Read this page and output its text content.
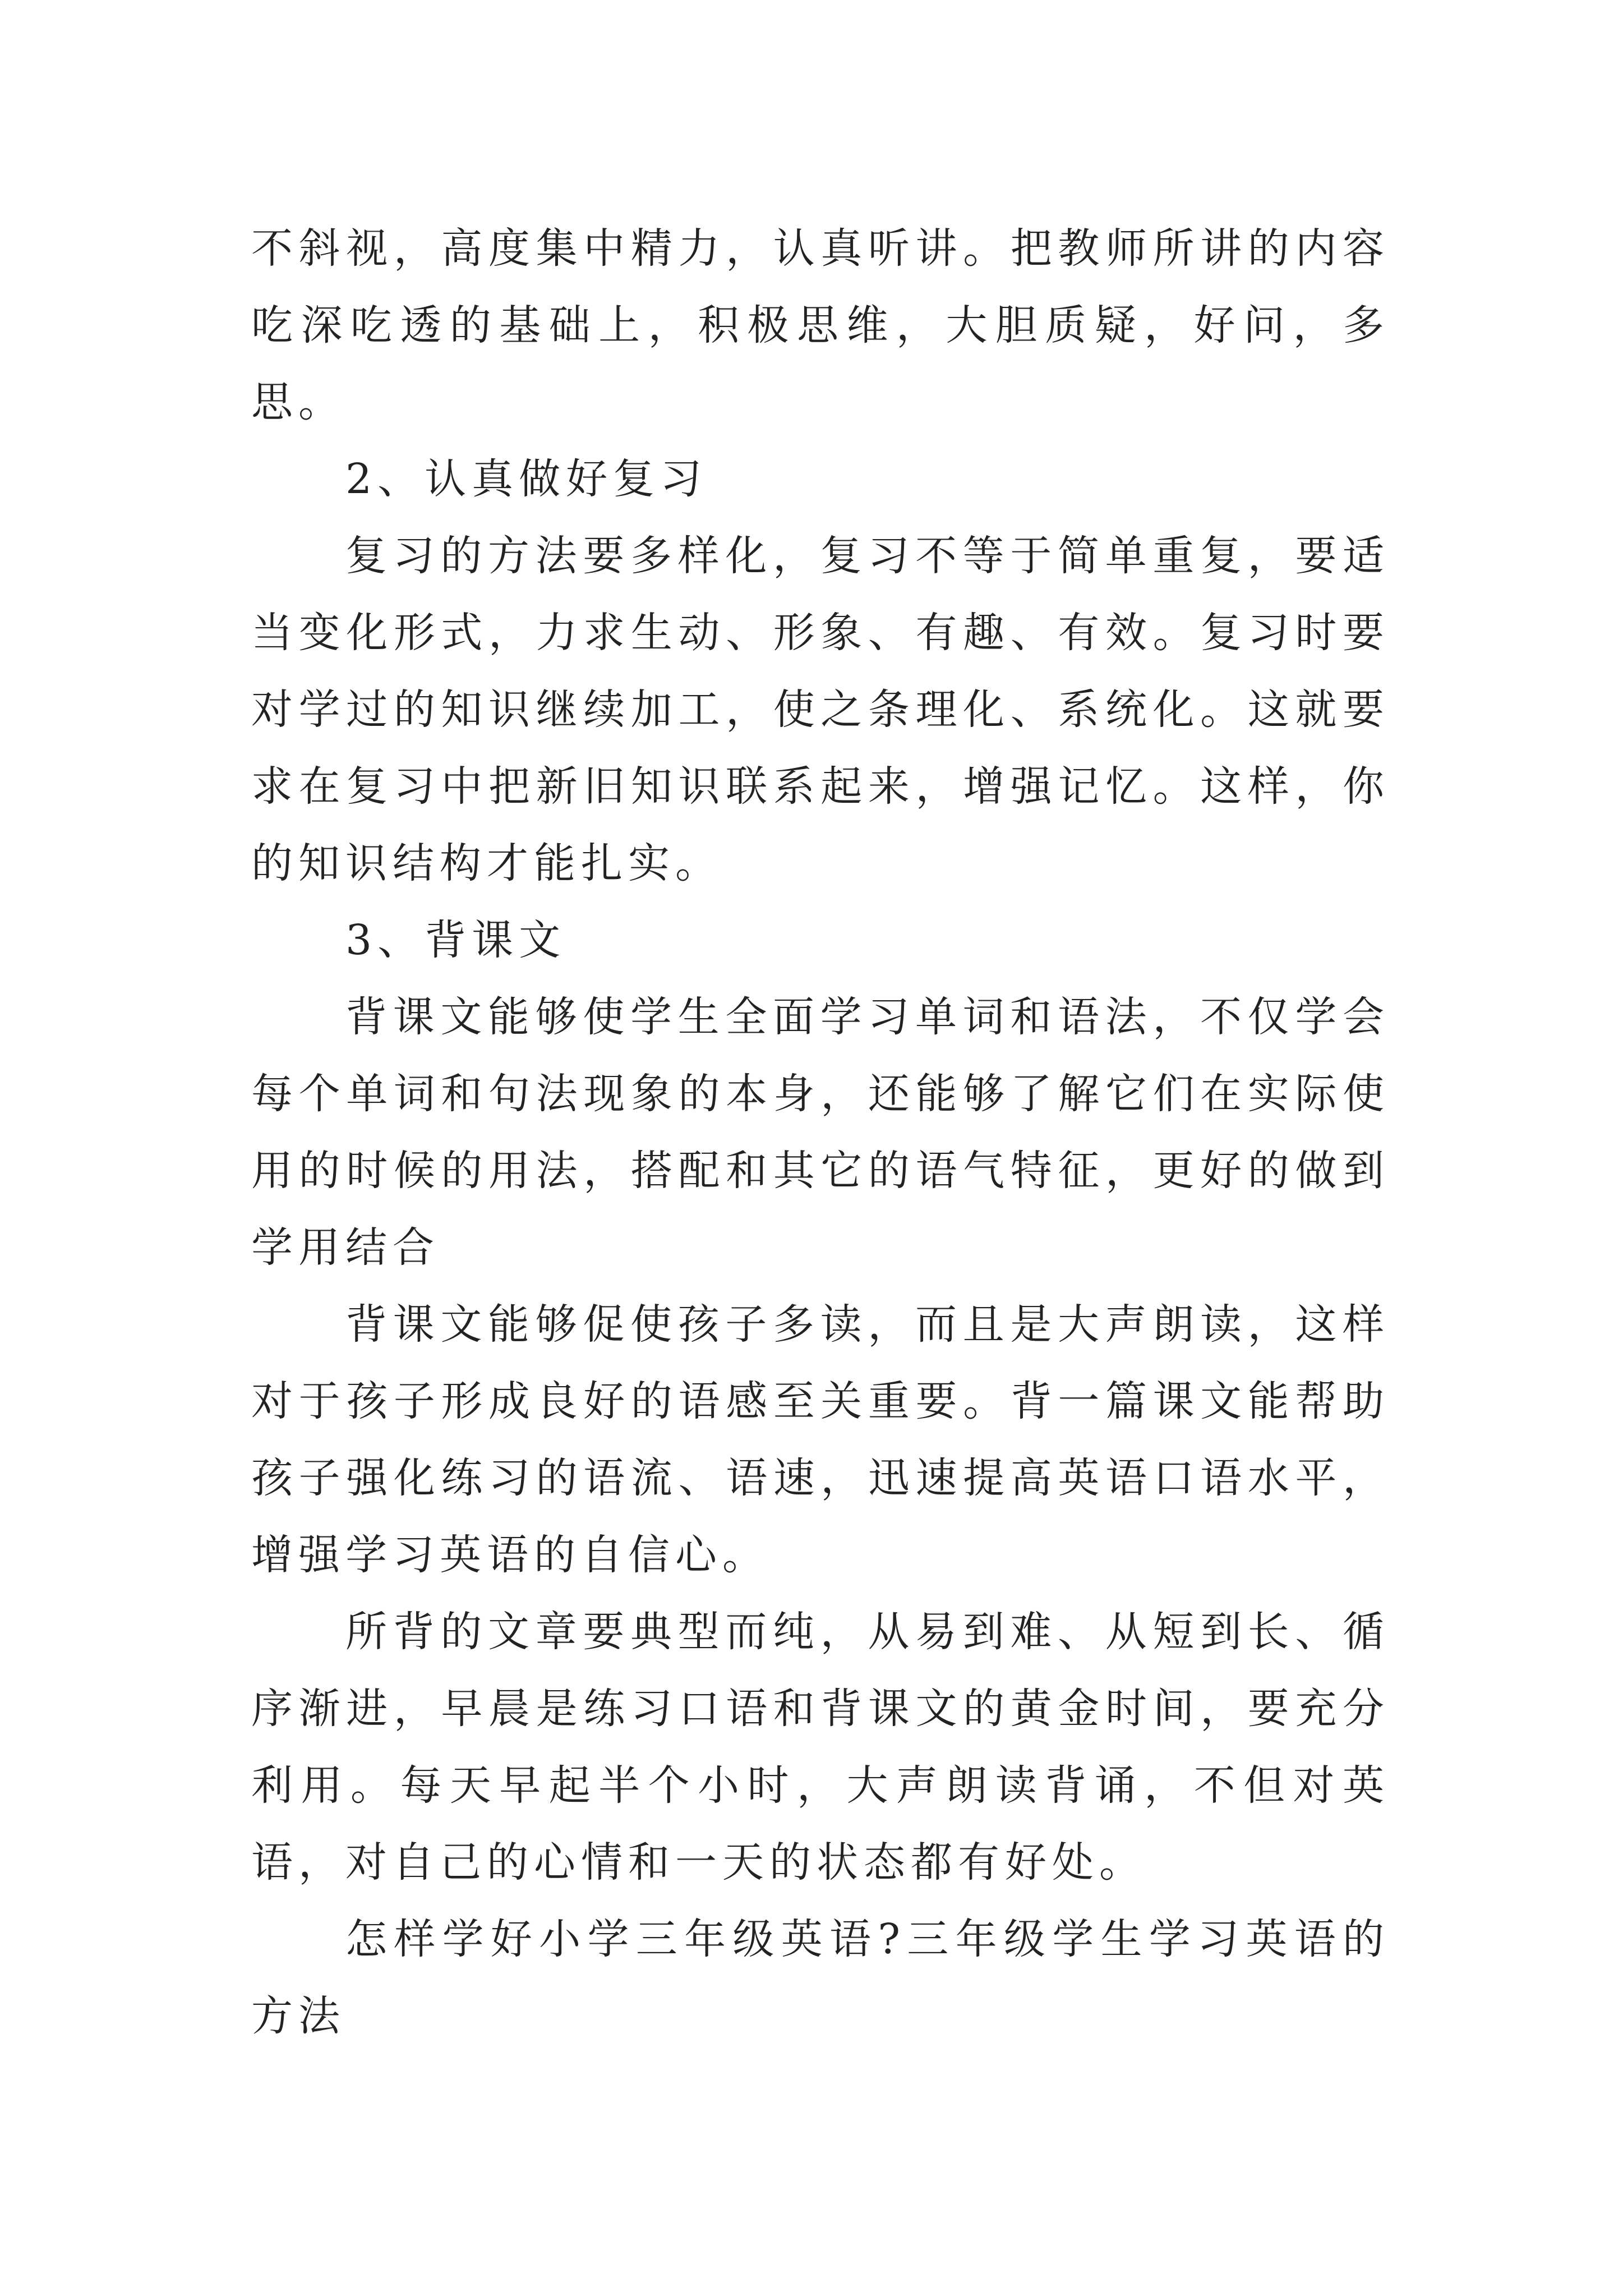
不斜视，高度集中精力，认真听讲。把教师所讲的内容吃深吃透的基础上，积极思维，大胆质疑，好问，多思。

2、认真做好复习

复习的方法要多样化，复习不等于简单重复，要适当变化形式，力求生动、形象、有趣、有效。复习时要对学过的知识继续加工，使之条理化、系统化。这就要求在复习中把新旧知识联系起来，增强记忆。这样，你的知识结构才能扎实。

3、背课文

背课文能够使学生全面学习单词和语法，不仅学会每个单词和句法现象的本身，还能够了解它们在实际使用的时候的用法，搭配和其它的语气特征，更好的做到学用结合

背课文能够促使孩子多读，而且是大声朗读，这样对于孩子形成良好的语感至关重要。背一篇课文能帮助孩子强化练习的语流、语速，迅速提高英语口语水平，增强学习英语的自信心。

所背的文章要典型而纯，从易到难、从短到长、循序渐进，早晨是练习口语和背课文的黄金时间，要充分利用。每天早起半个小时，大声朗读背诵，不但对英语，对自己的心情和一天的状态都有好处。

怎样学好小学三年级英语?三年级学生学习英语的方法
